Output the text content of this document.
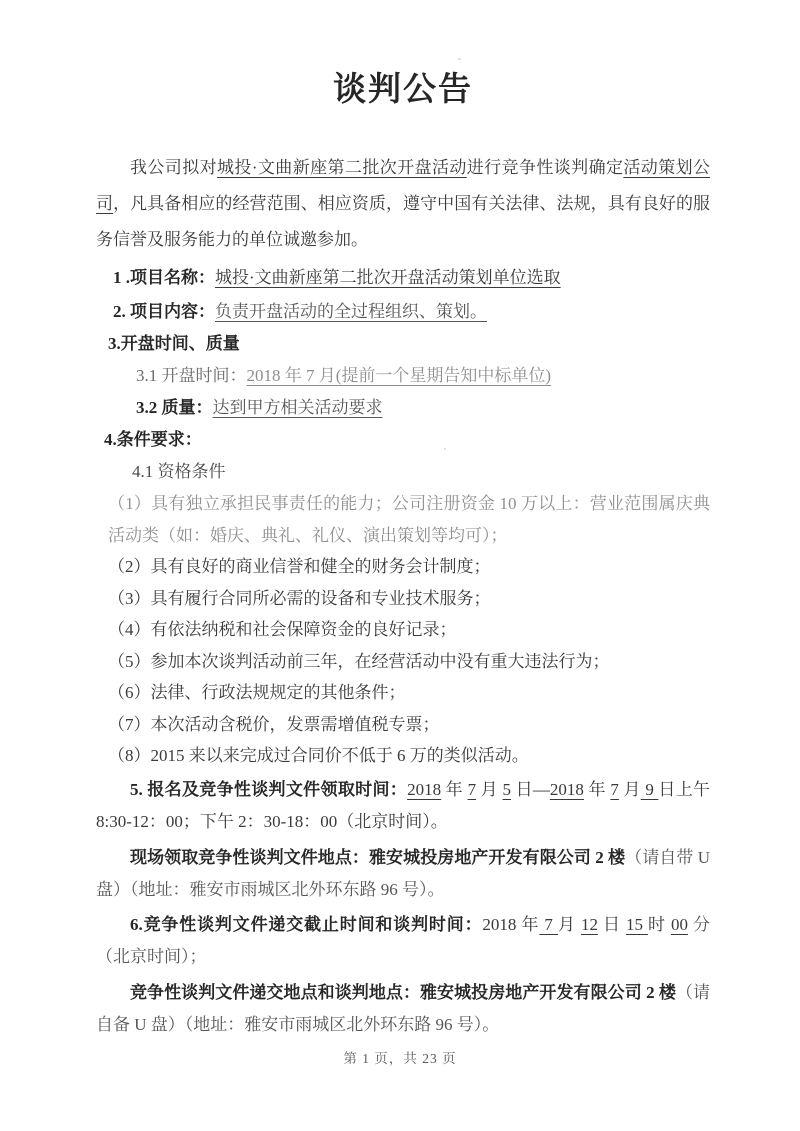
谈判公告

我公司拟对城投·文曲新座第二批次开盘活动进行竞争性谈判确定活动策划公司，凡具备相应的经营范围、相应资质，遵守中国有关法律、法规，具有良好的服务信誉及服务能力的单位诚邀参加。

1 .项目名称：城投·文曲新座第二批次开盘活动策划单位选取

2. 项目内容：负责开盘活动的全过程组织、策划。

3.开盘时间、质量

3.1 开盘时间：2018 年 7 月(提前一个星期告知中标单位)

3.2 质量：达到甲方相关活动要求

4.条件要求：

4.1 资格条件

（1）具有独立承担民事责任的能力；公司注册资金 10 万以上：营业范围属庆典活动类（如：婚庆、典礼、礼仪、演出策划等均可）；

（2）具有良好的商业信誉和健全的财务会计制度；

（3）具有履行合同所必需的设备和专业技术服务；

（4）有依法纳税和社会保障资金的良好记录；

（5）参加本次谈判活动前三年，在经营活动中没有重大违法行为；

（6）法律、行政法规规定的其他条件；

（7）本次活动含税价，发票需增值税专票；

（8）2015 来以来完成过合同价不低于 6 万的类似活动。

5. 报名及竞争性谈判文件领取时间：2018 年 7 月 5 日—2018 年 7 月 9 日上午 8:30-12：00；下午 2：30-18：00（北京时间）。

现场领取竞争性谈判文件地点：雅安城投房地产开发有限公司 2 楼（请自带 U 盘）（地址：雅安市雨城区北外环东路 96 号）。

6.竞争性谈判文件递交截止时间和谈判时间：2018 年 7 月 12 日 15 时 00 分（北京时间）；

竞争性谈判文件递交地点和谈判地点：雅安城投房地产开发有限公司 2 楼（请自备 U 盘）（地址：雅安市雨城区北外环东路 96 号）。

第 1 页，共 23 页
